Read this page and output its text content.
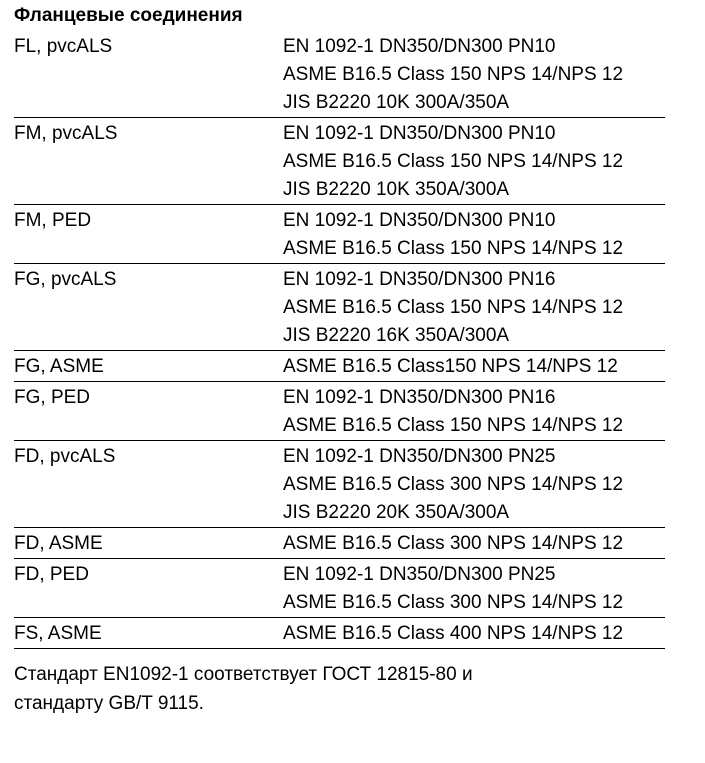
Фланцевые соединения
FL, pvcALS	EN 1092-1 DN350/DN300 PN10
ASME B16.5 Class 150 NPS 14/NPS 12
JIS B2220 10K 300A/350A
FM, pvcALS	EN 1092-1 DN350/DN300 PN10
ASME B16.5 Class 150 NPS 14/NPS 12
JIS B2220 10K 350A/300A
FM, PED	EN 1092-1 DN350/DN300 PN10
ASME B16.5 Class 150 NPS 14/NPS 12
FG, pvcALS	EN 1092-1 DN350/DN300 PN16
ASME B16.5 Class 150 NPS 14/NPS 12
JIS B2220 16K 350A/300A
FG, ASME	ASME B16.5 Class150 NPS 14/NPS 12
FG, PED	EN 1092-1 DN350/DN300 PN16
ASME B16.5 Class 150 NPS 14/NPS 12
FD, pvcALS	EN 1092-1 DN350/DN300 PN25
ASME B16.5 Class 300 NPS 14/NPS 12
JIS B2220 20K 350A/300A
FD, ASME	ASME B16.5 Class 300 NPS 14/NPS 12
FD, PED	EN 1092-1 DN350/DN300 PN25
ASME B16.5 Class 300 NPS 14/NPS 12
FS, ASME	ASME B16.5 Class 400 NPS 14/NPS 12
Стандарт EN1092-1 соответствует ГОСТ 12815-80 и
стандарту GB/T 9115.
